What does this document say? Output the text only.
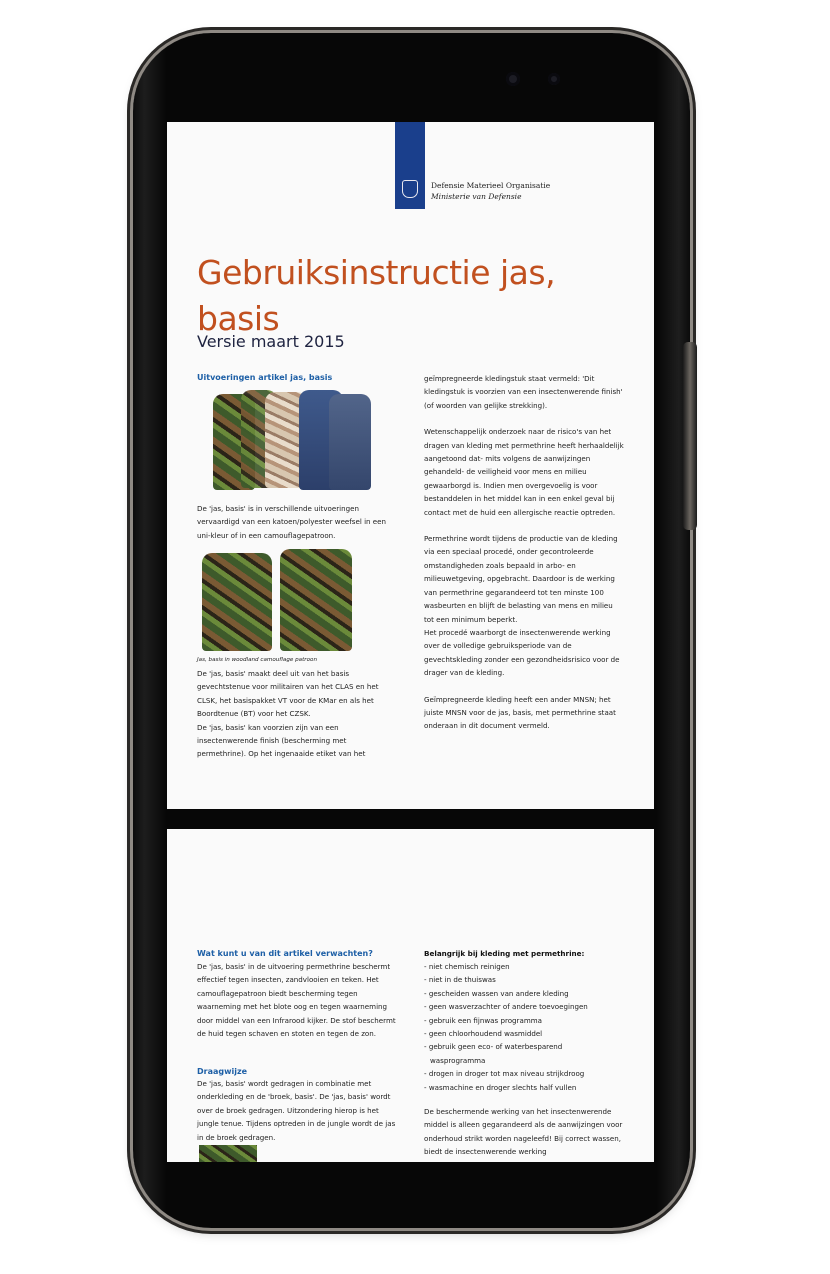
Defensie Materieel Organisatie
Ministerie van Defensie
Gebruiksinstructie jas,
basis
Versie maart 2015
Uitvoeringen artikel jas, basis
De 'jas, basis' is in verschillende uitvoeringen vervaardigd van een katoen/polyester weefsel in een uni-kleur of in een camouflagepatroon.
Jas, basis in woodland camouflage patroon

De 'jas, basis' maakt deel uit van het basis gevechtstenue voor militairen van het CLAS en het CLSK, het basispakket VT voor de KMar en als het Boordtenue (BT) voor het CZSK.

De 'jas, basis' kan voorzien zijn van een insectenwerende finish (bescherming met permethrine). Op het ingenaaide etiket van het

geïmpregneerde kledingstuk staat vermeld: 'Dit kledingstuk is voorzien van een insectenwerende finish' (of woorden van gelijke strekking).

Wetenschappelijk onderzoek naar de risico's van het dragen van kleding met permethrine heeft herhaaldelijk aangetoond dat- mits volgens de aanwijzingen gehandeld- de veiligheid voor mens en milieu gewaarborgd is. Indien men overgevoelig is voor bestanddelen in het middel kan in een enkel geval bij contact met de huid een allergische reactie optreden.

Permethrine wordt tijdens de productie van de kleding via een speciaal procedé, onder gecontroleerde omstandigheden zoals bepaald in arbo- en milieuwetgeving, opgebracht. Daardoor is de werking van permethrine gegarandeerd tot ten minste 100 wasbeurten en blijft de belasting van mens en milieu tot een minimum beperkt.

Het procedé waarborgt de insectenwerende werking over de volledige gebruiksperiode van de gevechtskleding zonder een gezondheidsrisico voor de drager van de kleding.

Geïmpregneerde kleding heeft een ander MNSN; het juiste MNSN voor de jas, basis, met permethrine staat onderaan in dit document vermeld.

Wat kunt u van dit artikel verwachten?
De 'jas, basis' in de uitvoering permethrine beschermt effectief tegen insecten, zandvlooien en teken. Het camouflagepatroon biedt bescherming tegen waarneming met het blote oog en tegen waarneming door middel van een Infrarood kijker. De stof beschermt de huid tegen schaven en stoten en tegen de zon.
Draagwijze
De 'jas, basis' wordt gedragen in combinatie met onderkleding en de 'broek, basis'. De 'jas, basis' wordt over de broek gedragen. Uitzondering hierop is het jungle tenue. Tijdens optreden in de jungle wordt de jas in de broek gedragen.
Belangrijk bij kleding met permethrine:
- niet chemisch reinigen
- niet in de thuiswas
- gescheiden wassen van andere kleding
- geen wasverzachter of andere toevoegingen
- gebruik een fijnwas programma
- geen chloorhoudend wasmiddel
- gebruik geen eco- of waterbesparend
wasprogramma
- drogen in droger tot max niveau strijkdroog
- wasmachine en droger slechts half vullen
De beschermende werking van het insectenwerende middel is alleen gegarandeerd als de aanwijzingen voor onderhoud strikt worden nageleefd! Bij correct wassen, biedt de insectenwerende werking
